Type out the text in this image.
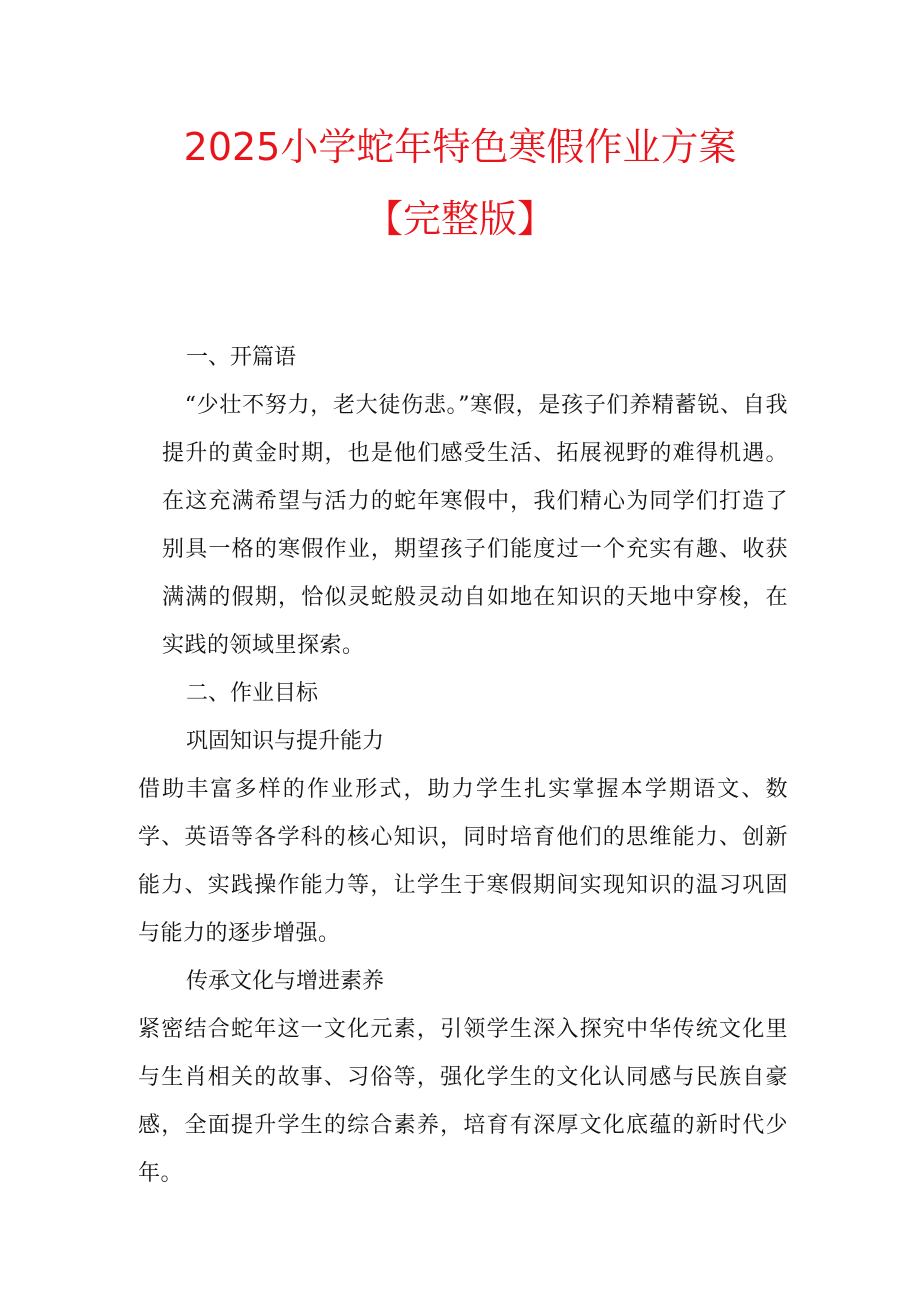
2025小学蛇年特色寒假作业方案
【完整版】

一、开篇语

　“少壮不努力，老大徒伤悲。”寒假，是孩子们养精蓄锐、自我提升的黄金时期，也是他们感受生活、拓展视野的难得机遇。在这充满希望与活力的蛇年寒假中，我们精心为同学们打造了别具一格的寒假作业，期望孩子们能度过一个充实有趣、收获满满的假期，恰似灵蛇般灵动自如地在知识的天地中穿梭，在实践的领域里探索。

二、作业目标

巩固知识与提升能力

借助丰富多样的作业形式，助力学生扎实掌握本学期语文、数学、英语等各学科的核心知识，同时培育他们的思维能力、创新能力、实践操作能力等，让学生于寒假期间实现知识的温习巩固与能力的逐步增强。

传承文化与增进素养

紧密结合蛇年这一文化元素，引领学生深入探究中华传统文化里与生肖相关的故事、习俗等，强化学生的文化认同感与民族自豪感，全面提升学生的综合素养，培育有深厚文化底蕴的新时代少年。
